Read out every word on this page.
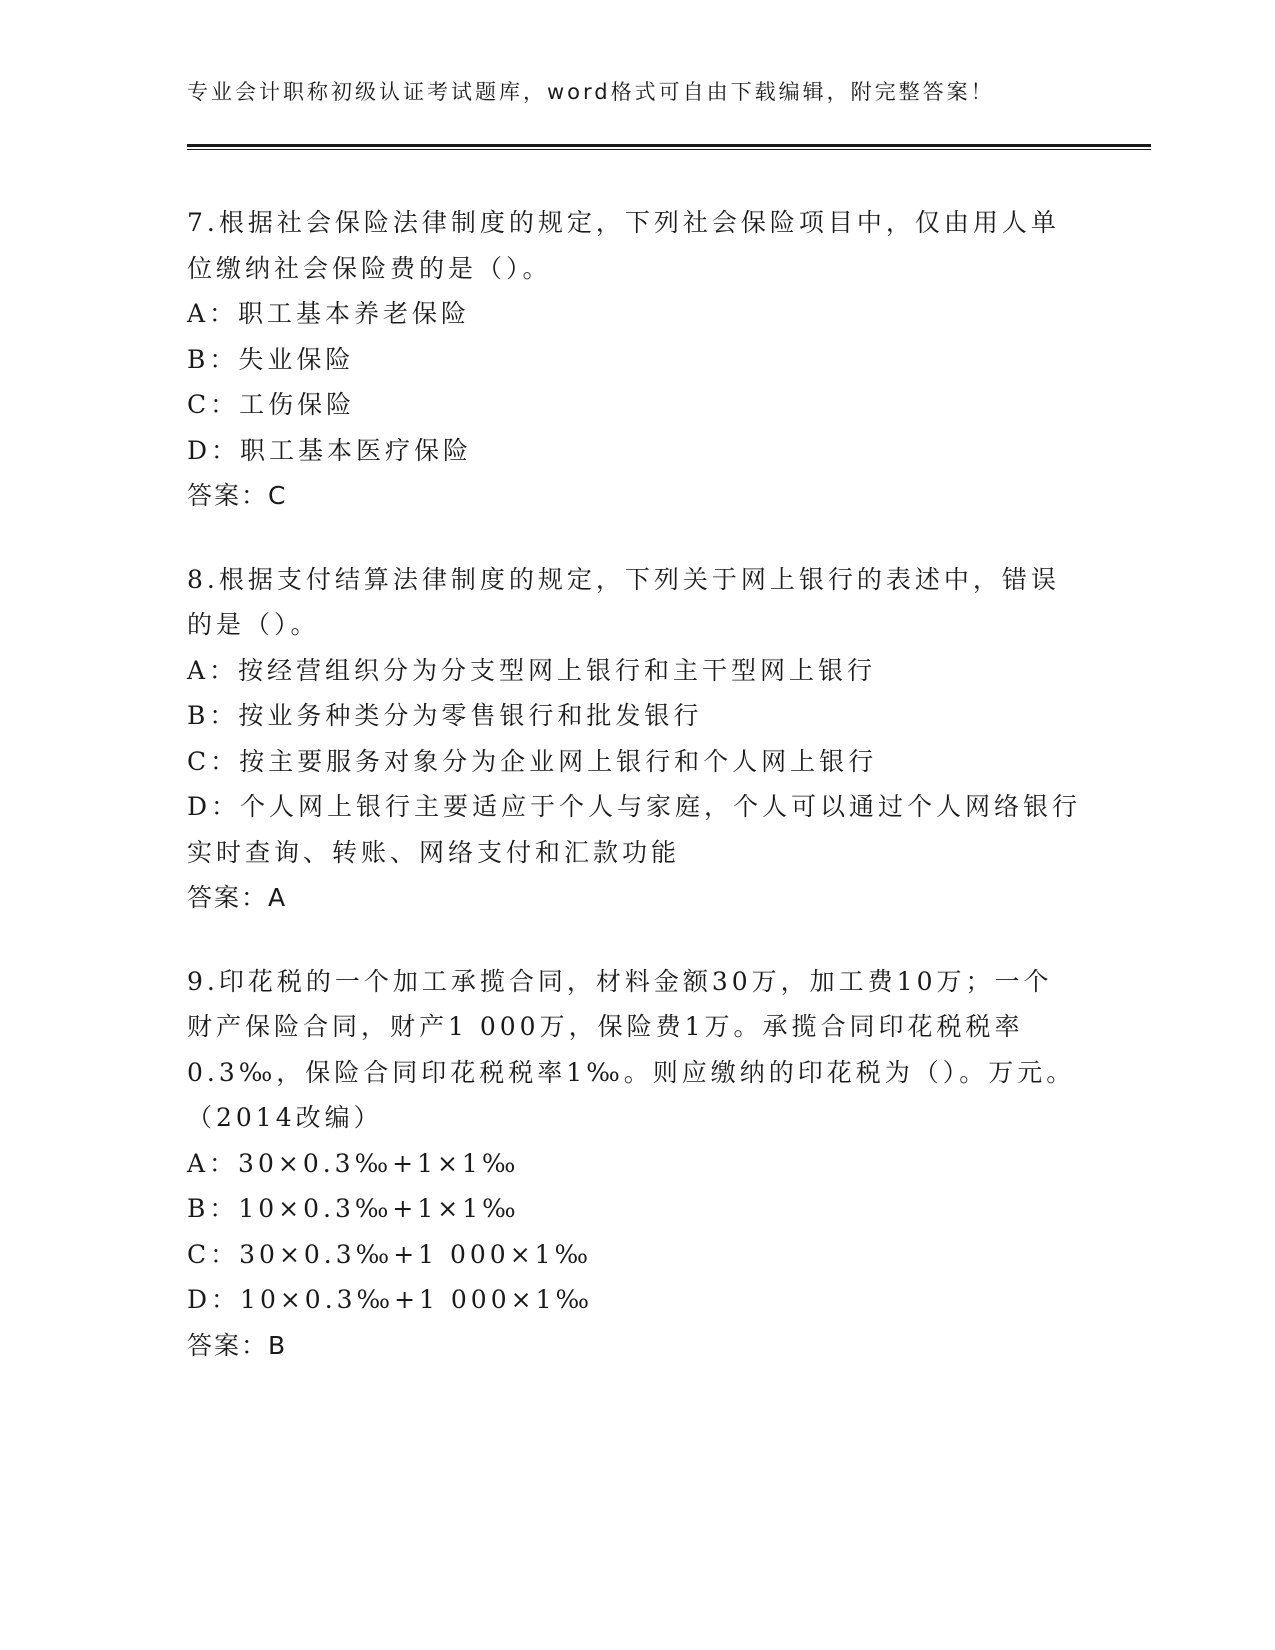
专业会计职称初级认证考试题库，word格式可自由下载编辑，附完整答案！
7.根据社会保险法律制度的规定，下列社会保险项目中，仅由用人单
位缴纳社会保险费的是（）。
A：职工基本养老保险
B：失业保险
C：工伤保险
D：职工基本医疗保险
答案：C
8.根据支付结算法律制度的规定，下列关于网上银行的表述中，错误
的是（）。
A：按经营组织分为分支型网上银行和主干型网上银行
B：按业务种类分为零售银行和批发银行
C：按主要服务对象分为企业网上银行和个人网上银行
D：个人网上银行主要适应于个人与家庭，个人可以通过个人网络银行
实时查询、转账、网络支付和汇款功能
答案：A
9.印花税的一个加工承揽合同，材料金额30万，加工费10万；一个
财产保险合同，财产1 000万，保险费1万。承揽合同印花税税率
0.3‰，保险合同印花税税率1‰。则应缴纳的印花税为（）。万元。
（2014改编）
A：30×0.3‰+1×1‰
B：10×0.3‰+1×1‰
C：30×0.3‰+1 000×1‰
D：10×0.3‰+1 000×1‰
答案：B
